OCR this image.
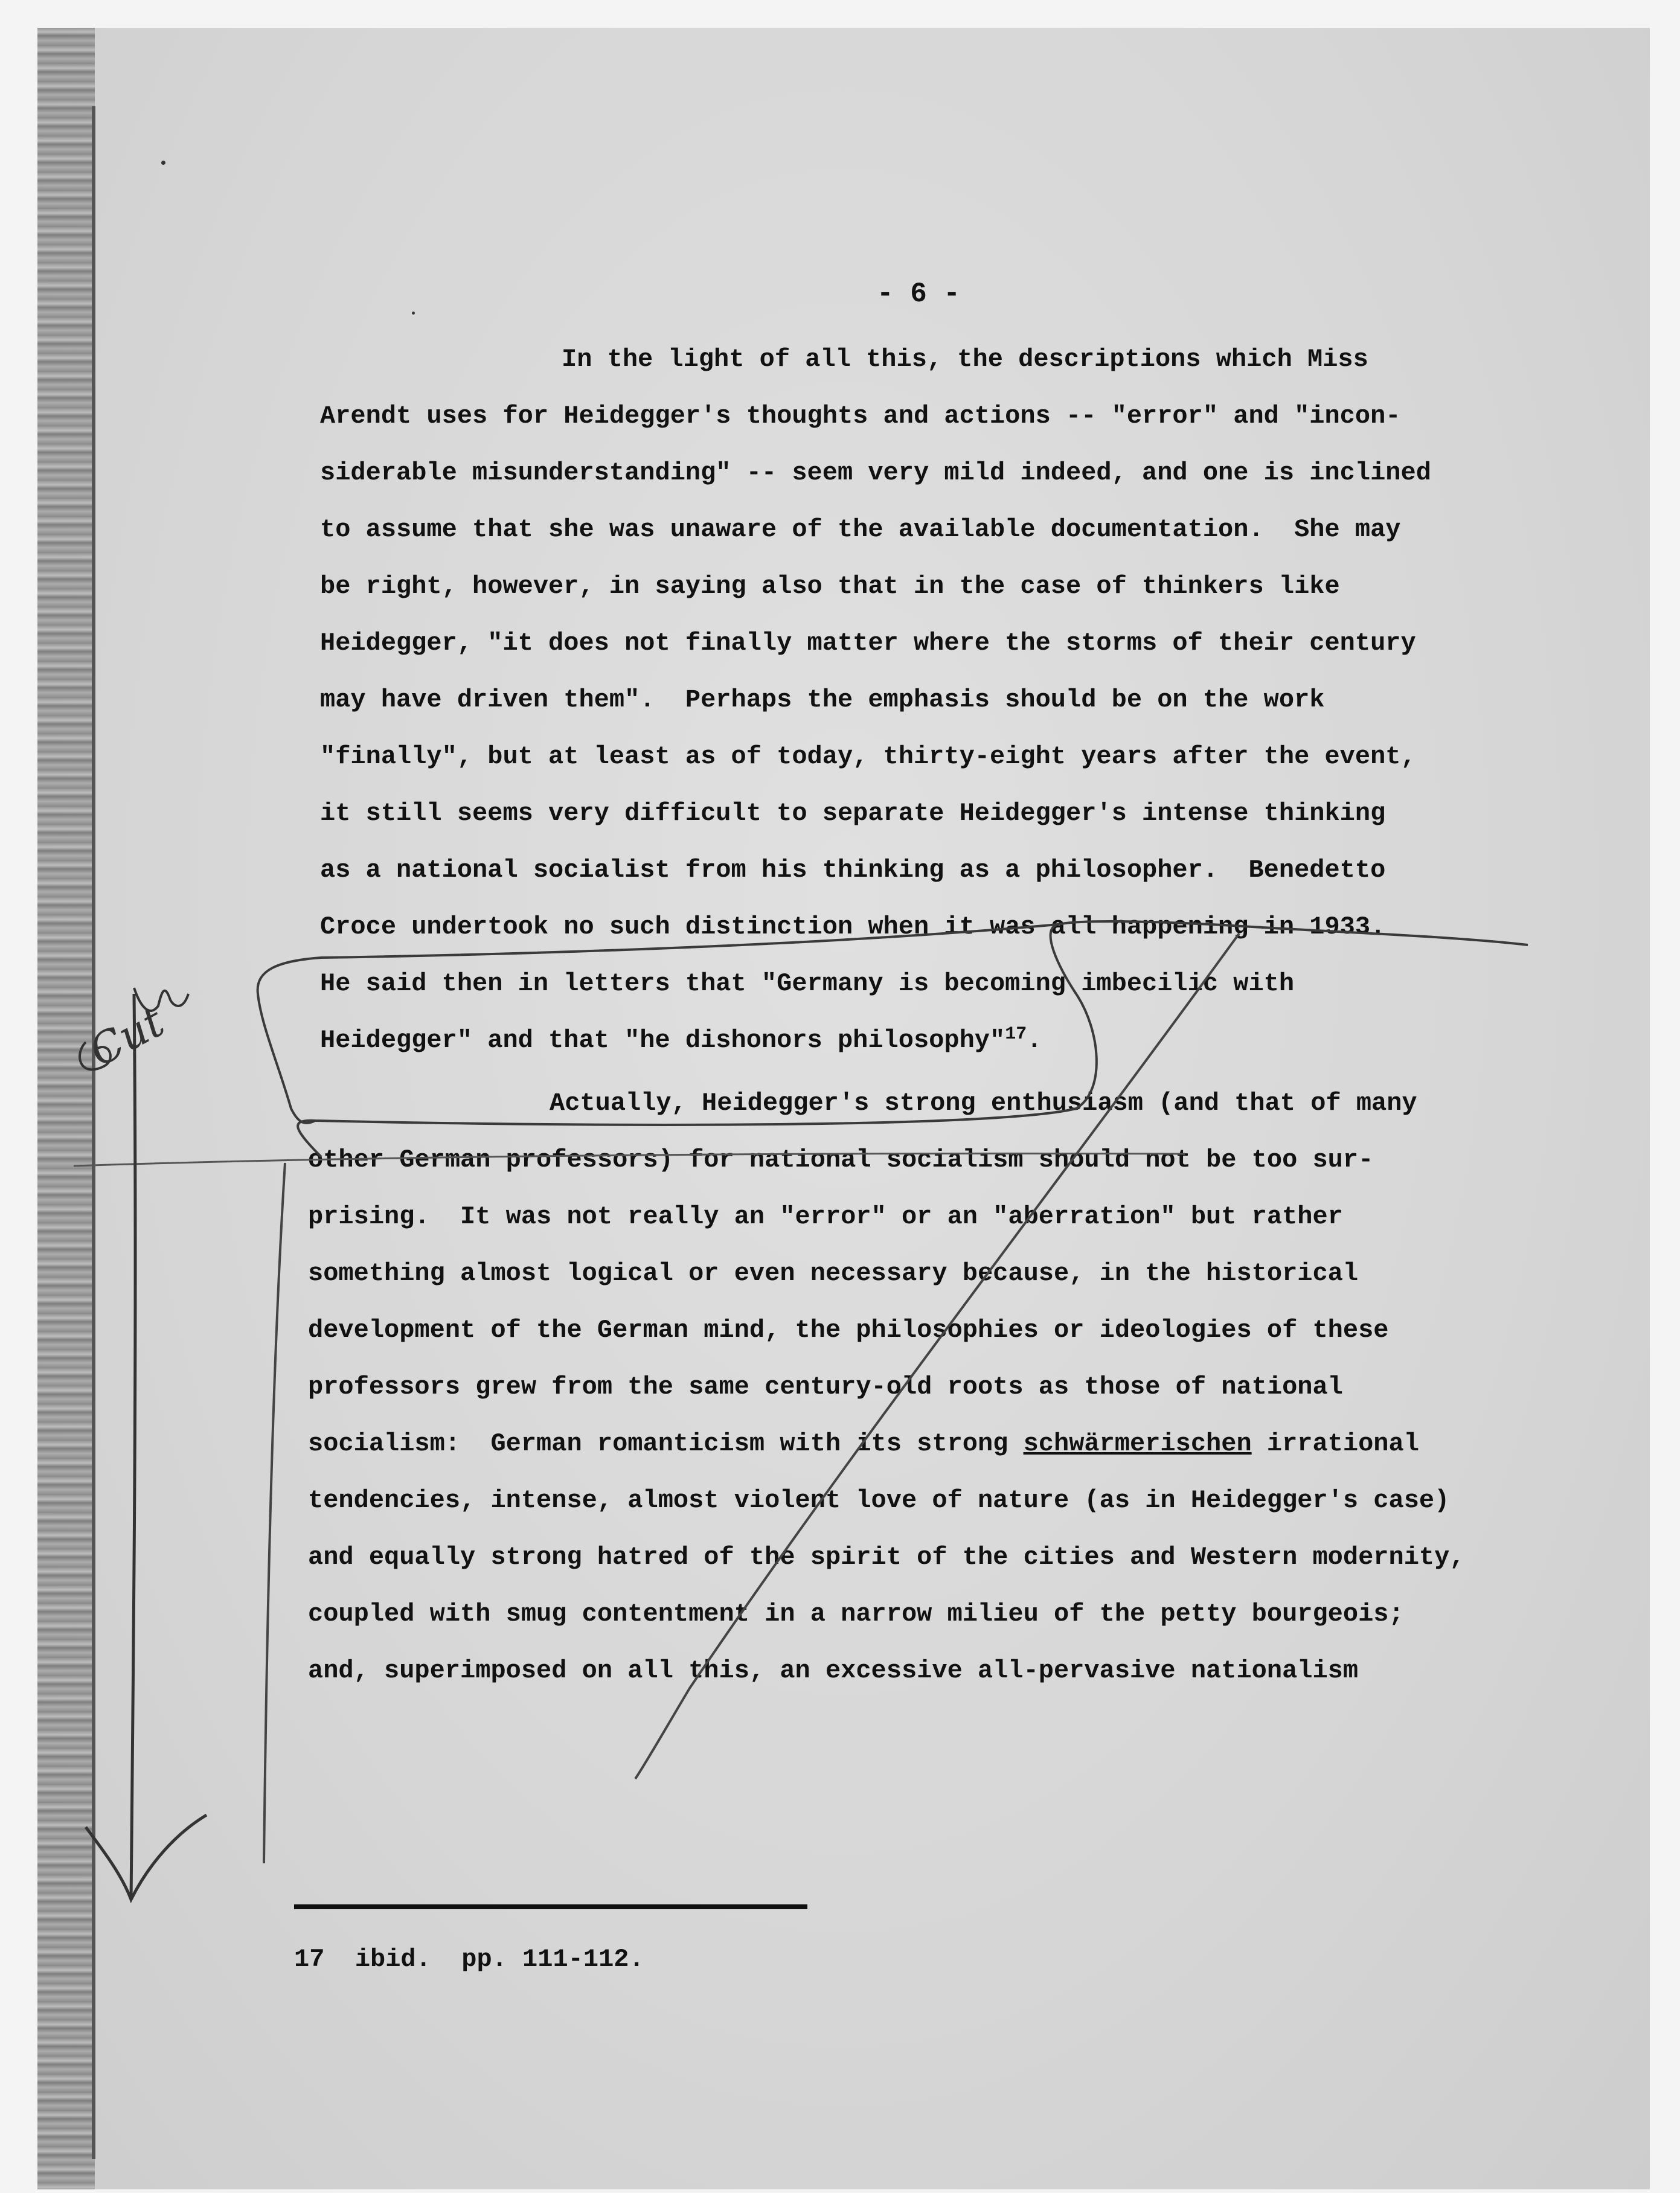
- 6 -
In the light of all this, the descriptions which Miss
Arendt uses for Heidegger's thoughts and actions -- "error" and "incon-
siderable misunderstanding" -- seem very mild indeed, and one is inclined
to assume that she was unaware of the available documentation.  She may
be right, however, in saying also that in the case of thinkers like
Heidegger, "it does not finally matter where the storms of their century
may have driven them".  Perhaps the emphasis should be on the work
"finally", but at least as of today, thirty-eight years after the event,
it still seems very difficult to separate Heidegger's intense thinking
as a national socialist from his thinking as a philosopher.  Benedetto
Croce undertook no such distinction when it was all happening in 1933.
He said then in letters that "Germany is becoming imbecilic with
Heidegger" and that "he dishonors philosophy"$^{17}$.
Actually, Heidegger's strong enthusiasm (and that of many
other German professors) for national socialism should not be too sur-
prising.  It was not really an "error" or an "aberration" but rather
something almost logical or even necessary because, in the historical
development of the German mind, the philosophies or ideologies of these
professors grew from the same century-old roots as those of national
socialism:  German romanticism with its strong schwärmerischen irrational
tendencies, intense, almost violent love of nature (as in Heidegger's case)
and equally strong hatred of the spirit of the cities and Western modernity,
coupled with smug contentment in a narrow milieu of the petty bourgeois;
and, superimposed on all this, an excessive all-pervasive nationalism
17  ibid.  pp. 111-112.
Cut
